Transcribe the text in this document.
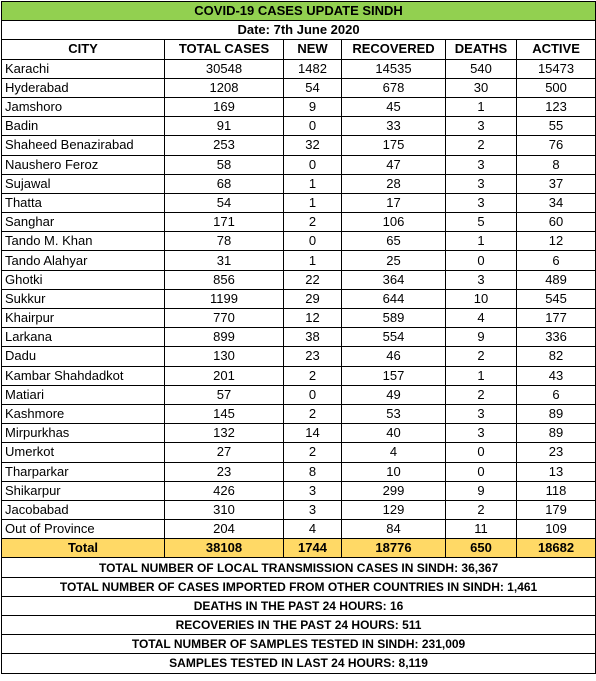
COVID-19 CASES UPDATE SINDH					
Date: 7th June 2020					
CITY	TOTAL CASES	NEW	RECOVERED	DEATHS	ACTIVE
Karachi	30548	1482	14535	540	15473
Hyderabad	1208	54	678	30	500
Jamshoro	169	9	45	1	123
Badin	91	0	33	3	55
Shaheed Benazirabad	253	32	175	2	76
Naushero Feroz	58	0	47	3	8
Sujawal	68	1	28	3	37
Thatta	54	1	17	3	34
Sanghar	171	2	106	5	60
Tando M. Khan	78	0	65	1	12
Tando Alahyar	31	1	25	0	6
Ghotki	856	22	364	3	489
Sukkur	1199	29	644	10	545
Khairpur	770	12	589	4	177
Larkana	899	38	554	9	336
Dadu	130	23	46	2	82
Kambar Shahdadkot	201	2	157	1	43
Matiari	57	0	49	2	6
Kashmore	145	2	53	3	89
Mirpurkhas	132	14	40	3	89
Umerkot	27	2	4	0	23
Tharparkar	23	8	10	0	13
Shikarpur	426	3	299	9	118
Jacobabad	310	3	129	2	179
Out of Province	204	4	84	11	109
Total	38108	1744	18776	650	18682
TOTAL NUMBER OF LOCAL TRANSMISSION CASES IN SINDH: 36,367					
TOTAL NUMBER OF CASES IMPORTED FROM OTHER COUNTRIES IN SINDH: 1,461					
DEATHS IN THE PAST 24 HOURS: 16					
RECOVERIES IN THE PAST 24 HOURS: 511					
TOTAL NUMBER OF SAMPLES TESTED IN SINDH: 231,009					
SAMPLES TESTED IN LAST 24 HOURS: 8,119					
